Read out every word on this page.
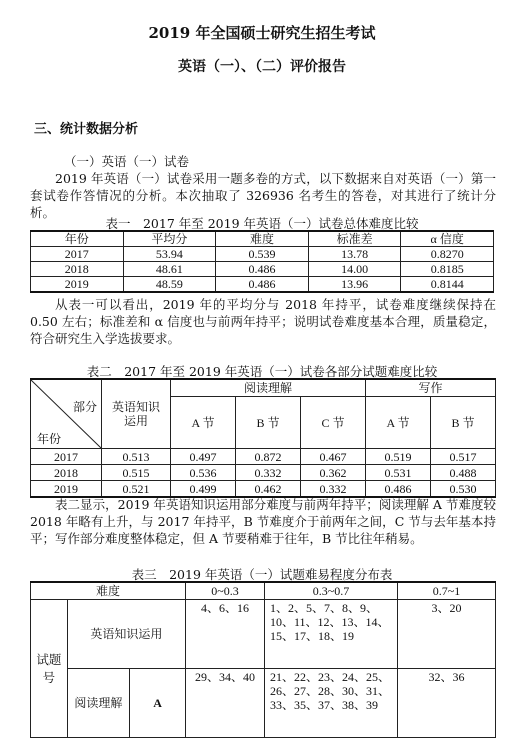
2019 年全国硕士研究生招生考试
英语（一）、（二）评价报告
三、统计数据分析
（一）英语（一）试卷
2019 年英语（一）试卷采用一题多卷的方式，以下数据来自对英语（一）第一套试卷作答情况的分析。本次抽取了 326936 名考生的答卷，对其进行了统计分析。
表一　2017 年至 2019 年英语（一）试卷总体难度比较
年份	平均分	难度	标准差	α 信度
2017	53.94	0.539	13.78	0.8270
2018	48.61	0.486	14.00	0.8185
2019	48.59	0.486	13.96	0.8144
从表一可以看出，2019 年的平均分与 2018 年持平，试卷难度继续保持在 0.50 左右；标准差和 α 信度也与前两年持平；说明试卷难度基本合理，质量稳定，符合研究生入学选拔要求。
表二　2017 年至 2019 年英语（一）试卷各部分试题难度比较
部分
年份	英语知识运用	阅读理解			写作	
		A 节	B 节	C 节	A 节	B 节
2017	0.513	0.497	0.872	0.467	0.519	0.517
2018	0.515	0.536	0.332	0.362	0.531	0.488
2019	0.521	0.499	0.462	0.332	0.486	0.530
表二显示，2019 年英语知识运用部分难度与前两年持平；阅读理解 A 节难度较 2018 年略有上升，与 2017 年持平，B 节难度介于前两年之间，C 节与去年基本持平；写作部分难度整体稳定，但 A 节要稍难于往年，B 节比往年稍易。
表三　2019 年英语（一）试题难易程度分布表
难度			0~0.3	0.3~0.7	0.7~1
试题号	英语知识运用		4、6、16	1、2、5、7、8、9、10、11、12、13、14、15、17、18、19	3、20
	阅读理解	A	29、34、40	21、22、23、24、25、26、27、28、30、31、33、35、37、38、39	32、36
